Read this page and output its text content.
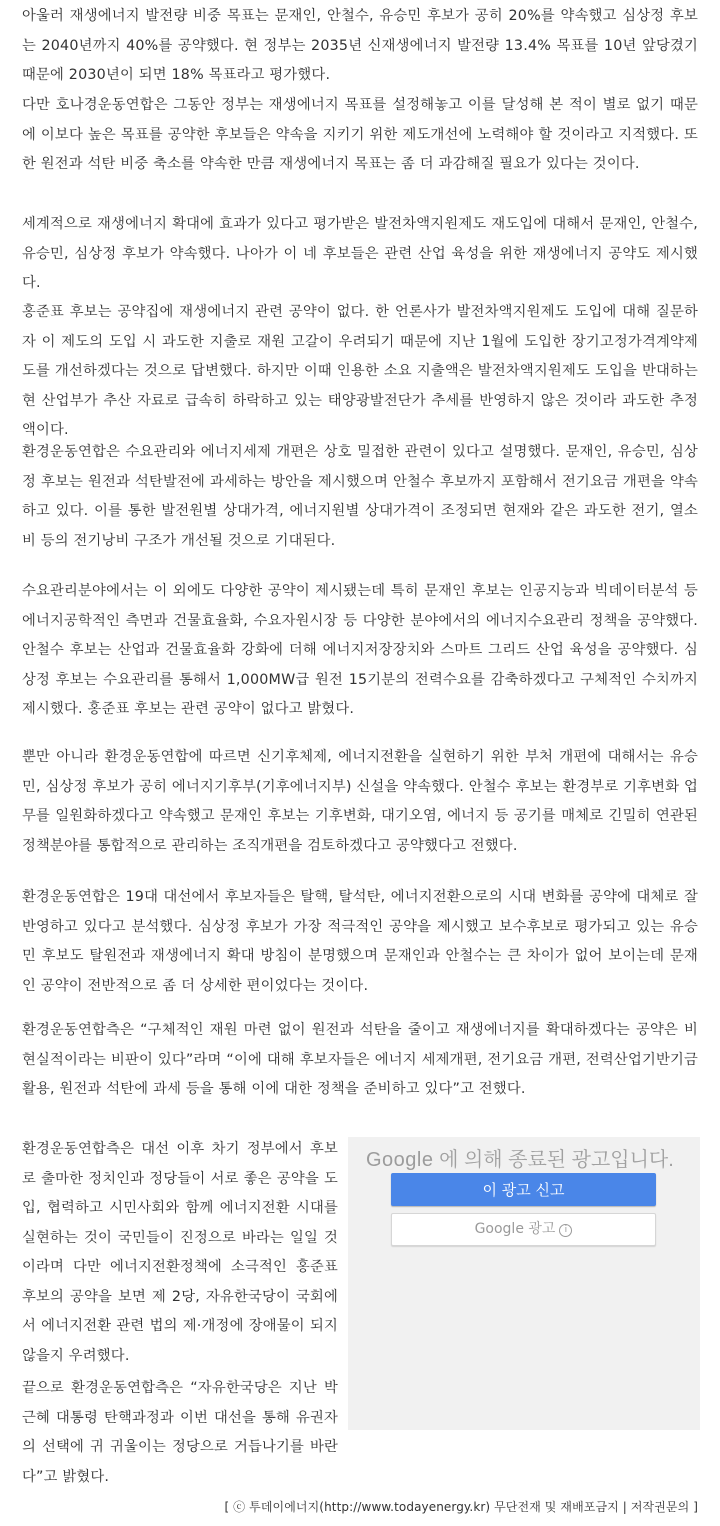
아울러 재생에너지 발전량 비중 목표는 문재인, 안철수, 유승민 후보가 공히 20%를 약속했고 심상정 후보는 2040년까지 40%를 공약했다. 현 정부는 2035년 신재생에너지 발전량 13.4% 목표를 10년 앞당겼기 때문에 2030년이 되면 18% 목표라고 평가했다.

다만 호나경운동연합은 그동안 정부는 재생에너지 목표를 설정해놓고 이를 달성해 본 적이 별로 없기 때문에 이보다 높은 목표를 공약한 후보들은 약속을 지키기 위한 제도개선에 노력해야 할 것이라고 지적했다. 또한 원전과 석탄 비중 축소를 약속한 만큼 재생에너지 목표는 좀 더 과감해질 필요가 있다는 것이다.

세계적으로 재생에너지 확대에 효과가 있다고 평가받은 발전차액지원제도 재도입에 대해서 문재인, 안철수, 유승민, 심상정 후보가 약속했다. 나아가 이 네 후보들은 관련 산업 육성을 위한 재생에너지 공약도 제시했다.

홍준표 후보는 공약집에 재생에너지 관련 공약이 없다. 한 언론사가 발전차액지원제도 도입에 대해 질문하자 이 제도의 도입 시 과도한 지출로 재원 고갈이 우려되기 때문에 지난 1월에 도입한 장기고정가격계약제도를 개선하겠다는 것으로 답변했다. 하지만 이때 인용한 소요 지출액은 발전차액지원제도 도입을 반대하는 현 산업부가 추산 자료로 급속히 하락하고 있는 태양광발전단가 추세를 반영하지 않은 것이라 과도한 추정액이다.

환경운동연합은 수요관리와 에너지세제 개편은 상호 밀접한 관련이 있다고 설명했다. 문재인, 유승민, 심상정 후보는 원전과 석탄발전에 과세하는 방안을 제시했으며 안철수 후보까지 포함해서 전기요금 개편을 약속하고 있다. 이를 통한 발전원별 상대가격, 에너지원별 상대가격이 조정되면 현재와 같은 과도한 전기, 열소비 등의 전기낭비 구조가 개선될 것으로 기대된다.

수요관리분야에서는 이 외에도 다양한 공약이 제시됐는데 특히 문재인 후보는 인공지능과 빅데이터분석 등 에너지공학적인 측면과 건물효율화, 수요자원시장 등 다양한 분야에서의 에너지수요관리 정책을 공약했다. 안철수 후보는 산업과 건물효율화 강화에 더해 에너지저장장치와 스마트 그리드 산업 육성을 공약했다. 심상정 후보는 수요관리를 통해서 1,000MW급 원전 15기분의 전력수요를 감축하겠다고 구체적인 수치까지 제시했다. 홍준표 후보는 관련 공약이 없다고 밝혔다.

뿐만 아니라 환경운동연합에 따르면 신기후체제, 에너지전환을 실현하기 위한 부처 개편에 대해서는 유승민, 심상정 후보가 공히 에너지기후부(기후에너지부) 신설을 약속했다. 안철수 후보는 환경부로 기후변화 업무를 일원화하겠다고 약속했고 문재인 후보는 기후변화, 대기오염, 에너지 등 공기를 매체로 긴밀히 연관된 정책분야를 통합적으로 관리하는 조직개편을 검토하겠다고 공약했다고 전했다.

환경운동연합은 19대 대선에서 후보자들은 탈핵, 탈석탄, 에너지전환으로의 시대 변화를 공약에 대체로 잘 반영하고 있다고 분석했다. 심상정 후보가 가장 적극적인 공약을 제시했고 보수후보로 평가되고 있는 유승민 후보도 탈원전과 재생에너지 확대 방침이 분명했으며 문재인과 안철수는 큰 차이가 없어 보이는데 문재인 공약이 전반적으로 좀 더 상세한 편이었다는 것이다.

환경운동연합측은 “구체적인 재원 마련 없이 원전과 석탄을 줄이고 재생에너지를 확대하겠다는 공약은 비현실적이라는 비판이 있다”라며 “이에 대해 후보자들은 에너지 세제개편, 전기요금 개편, 전력산업기반기금 활용, 원전과 석탄에 과세 등을 통해 이에 대한 정책을 준비하고 있다”고 전했다.

환경운동연합측은 대선 이후 차기 정부에서 후보로 출마한 정치인과 정당들이 서로 좋은 공약을 도입, 협력하고 시민사회와 함께 에너지전환 시대를 실현하는 것이 국민들이 진정으로 바라는 일일 것이라며 다만 에너지전환정책에 소극적인 홍준표 후보의 공약을 보면 제 2당, 자유한국당이 국회에서 에너지전환 관련 법의 제·개정에 장애물이 되지 않을지 우려했다.

끝으로 환경운동연합측은 “자유한국당은 지난 박근혜 대통령 탄핵과정과 이번 대선을 통해 유권자의 선택에 귀 귀울이는 정당으로 거듭나기를 바란다”고 밝혔다.

Google 에 의해 종료된 광고입니다.
이 광고 신고
Google 광고 i
[ ⓒ 투데이에너지(http://www.todayenergy.kr) 무단전재 및 재배포금지 | 저작권문의 ]
